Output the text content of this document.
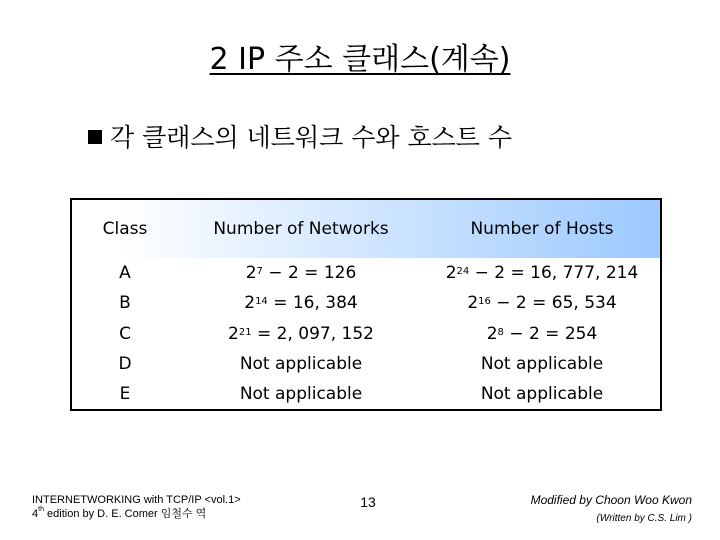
2 IP 주소 클래스(계속)
각 클래스의 네트워크 수와 호스트 수
Class	Number of Networks	Number of Hosts
A	$2^7 - 2 = 126$	$2^{24} - 2 = 16$, 777, 214
B	$2^{14} = 16$, 384	$2^{16} - 2 = 65$, 534
C	$2^{21} = 2$, 097, 152	$2^8 - 2 = 254$
D	Not applicable	Not applicable
E	Not applicable	Not applicable
INTERNETWORKING with TCP/IP <vol.1>
4th edition by D. E. Comer 임철수 역
13	Modified by Choon Woo Kwon
(Written by C.S. Lim )
